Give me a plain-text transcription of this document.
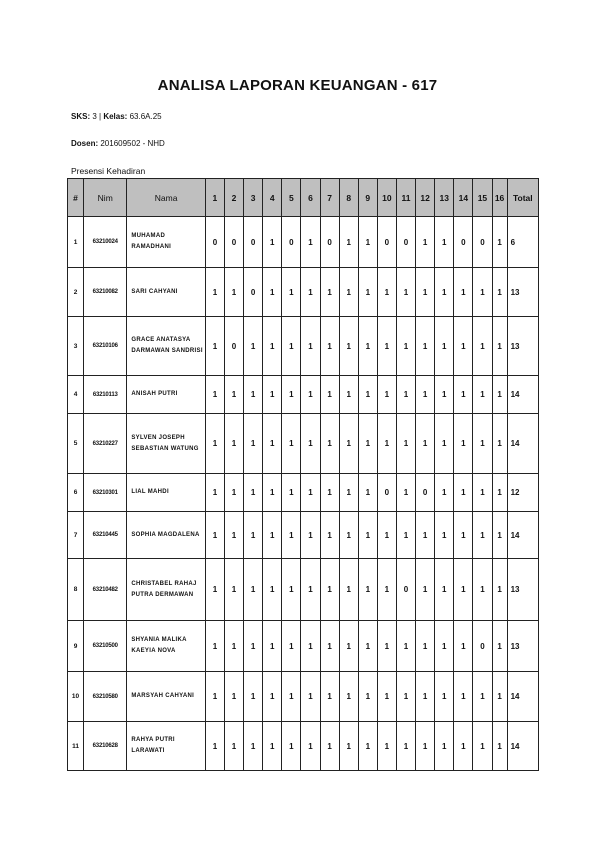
ANALISA LAPORAN KEUANGAN - 617
SKS: 3 | Kelas: 63.6A.25
Dosen: 201609502 - NHD
Presensi Kehadiran
#	Nim	Nama	1	2	3	4	5	6	7	8	9	10	11	12	13	14	15	16	Total
1	63210024	MUHAMAD RAMADHANI	0	0	0	1	0	1	0	1	1	0	0	1	1	0	0	1	6
2	63210082	SARI CAHYANI	1	1	0	1	1	1	1	1	1	1	1	1	1	1	1	1	13
3	63210106	GRACE ANATASYA DARMAWAN SANDRISI	1	0	1	1	1	1	1	1	1	1	1	1	1	1	1	1	13
4	63210113	ANISAH PUTRI	1	1	1	1	1	1	1	1	1	1	1	1	1	1	1	1	14
5	63210227	SYLVEN JOSEPH SEBASTIAN WATUNG	1	1	1	1	1	1	1	1	1	1	1	1	1	1	1	1	14
6	63210301	LIAL MAHDI	1	1	1	1	1	1	1	1	1	0	1	0	1	1	1	1	12
7	63210445	SOPHIA MAGDALENA	1	1	1	1	1	1	1	1	1	1	1	1	1	1	1	1	14
8	63210482	CHRISTABEL RAHAJ PUTRA DERMAWAN	1	1	1	1	1	1	1	1	1	1	0	1	1	1	1	1	13
9	63210500	SHYANIA MALIKA KAEYIA NOVA	1	1	1	1	1	1	1	1	1	1	1	1	1	1	0	1	13
10	63210580	MARSYAH CAHYANI	1	1	1	1	1	1	1	1	1	1	1	1	1	1	1	1	14
11	63210628	RAHYA PUTRI LARAWATI	1	1	1	1	1	1	1	1	1	1	1	1	1	1	1	1	14
